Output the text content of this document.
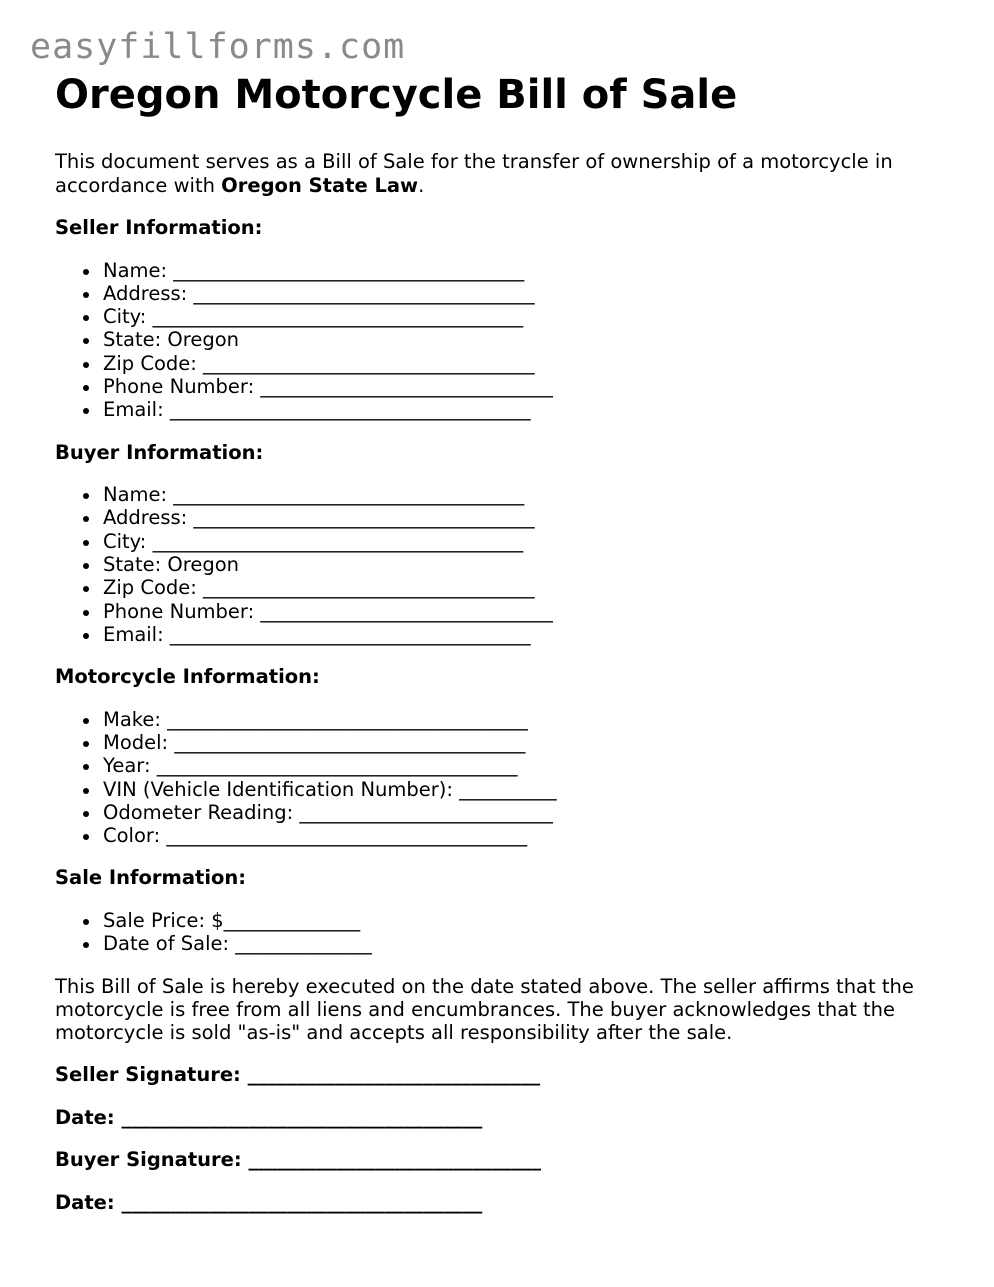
easyfillforms.com
Oregon Motorcycle Bill of Sale

This document serves as a Bill of Sale for the transfer of ownership of a motorcycle in accordance with Oregon State Law.

Seller Information:
Name: ____________________________________
Address: ___________________________________
City: ______________________________________
State: Oregon
Zip Code: __________________________________
Phone Number: ______________________________
Email: _____________________________________
Buyer Information:
Name: ____________________________________
Address: ___________________________________
City: ______________________________________
State: Oregon
Zip Code: __________________________________
Phone Number: ______________________________
Email: _____________________________________
Motorcycle Information:
Make: _____________________________________
Model: ____________________________________
Year: _____________________________________
VIN (Vehicle Identification Number): __________
Odometer Reading: __________________________
Color: _____________________________________
Sale Information:
Sale Price: $______________
Date of Sale: ______________

This Bill of Sale is hereby executed on the date stated above. The seller affirms that the motorcycle is free from all liens and encumbrances. The buyer acknowledges that the motorcycle is sold "as-is" and accepts all responsibility after the sale.

Seller Signature: ______________________________
Date: _____________________________________
Buyer Signature: ______________________________
Date: _____________________________________
